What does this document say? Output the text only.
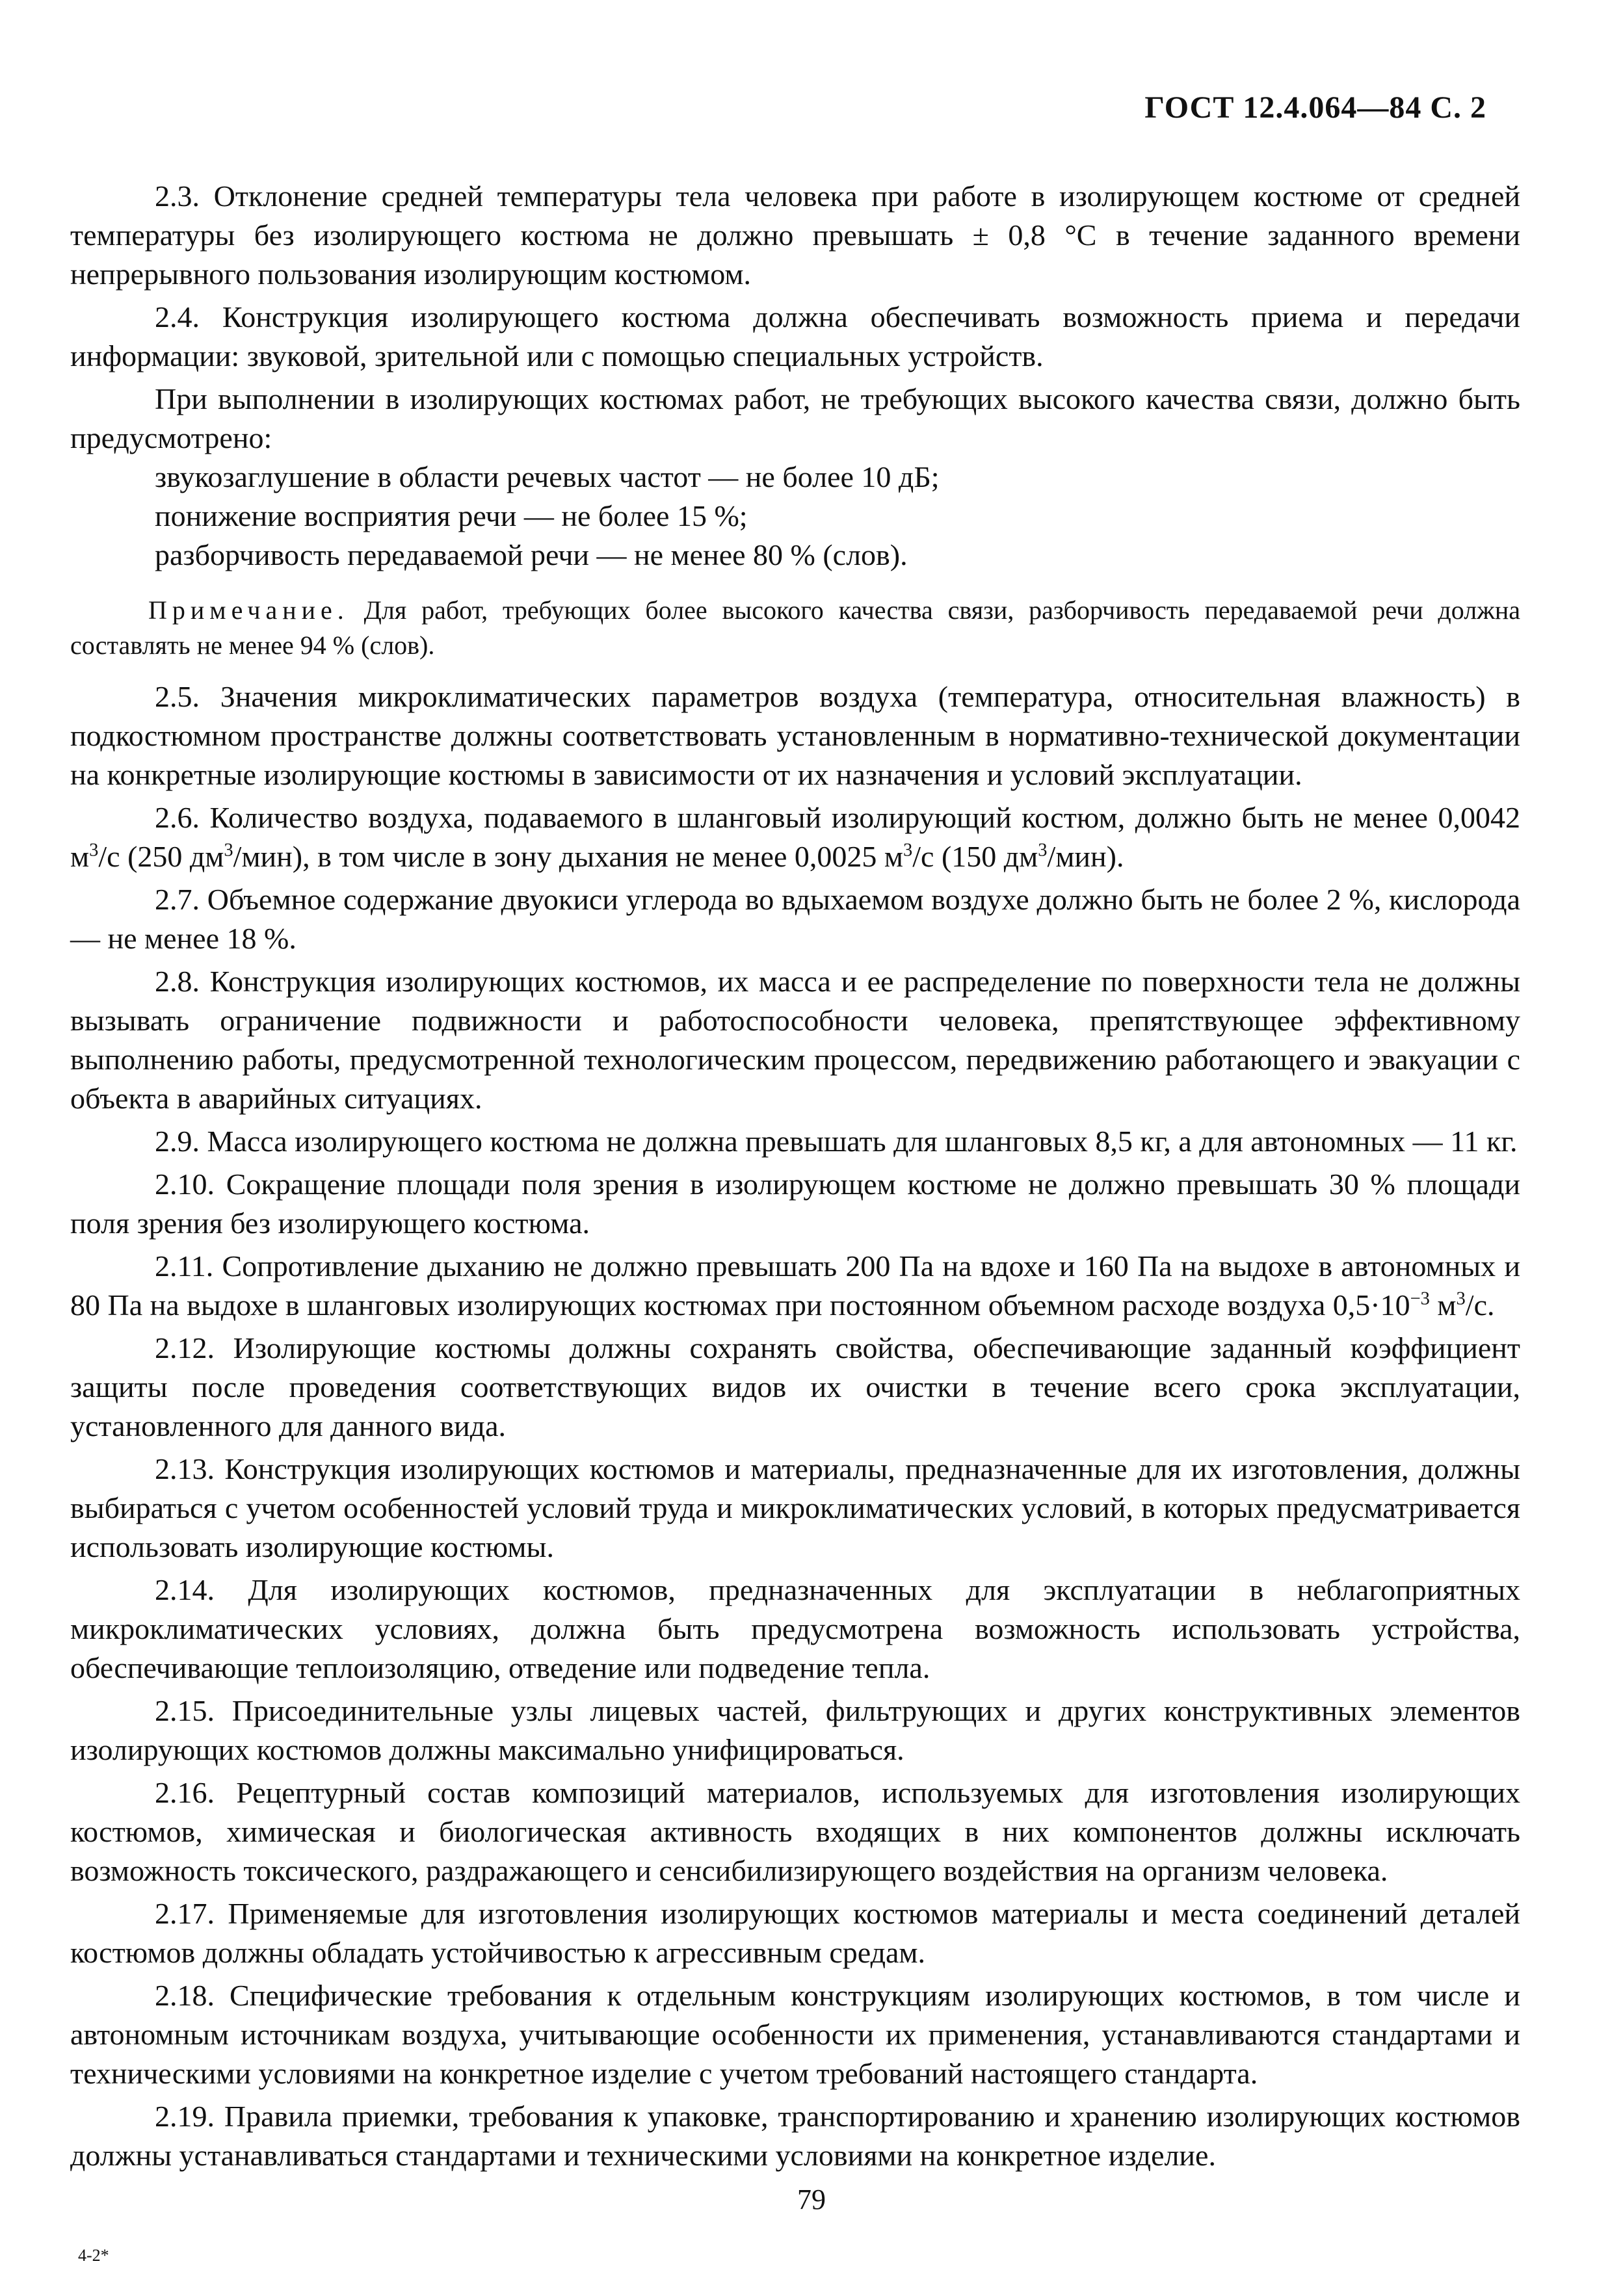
ГОСТ 12.4.064—84 С. 2

2.3. Отклонение средней температуры тела человека при работе в изолирующем костюме от средней температуры без изолирующего костюма не должно превышать ± 0,8 °С в течение заданного времени непрерывного пользования изолирующим костюмом.

2.4. Конструкция изолирующего костюма должна обеспечивать возможность приема и передачи информации: звуковой, зрительной или с помощью специальных устройств.

При выполнении в изолирующих костюмах работ, не требующих высокого качества связи, должно быть предусмотрено:

звукозаглушение в области речевых частот — не более 10 дБ;

понижение восприятия речи — не более 15 %;

разборчивость передаваемой речи — не менее 80 % (слов).

Примечание. Для работ, требующих более высокого качества связи, разборчивость передаваемой речи должна составлять не менее 94 % (слов).

2.5. Значения микроклиматических параметров воздуха (температура, относительная влажность) в подкостюмном пространстве должны соответствовать установленным в нормативно-технической документации на конкретные изолирующие костюмы в зависимости от их назначения и условий эксплуатации.

2.6. Количество воздуха, подаваемого в шланговый изолирующий костюм, должно быть не менее 0,0042 $м^3/с$ (250 $дм^3/мин$), в том числе в зону дыхания не менее 0,0025 $м^3/с$ (150 $дм^3/мин$).

2.7. Объемное содержание двуокиси углерода во вдыхаемом воздухе должно быть не более 2 %, кислорода — не менее 18 %.

2.8. Конструкция изолирующих костюмов, их масса и ее распределение по поверхности тела не должны вызывать ограничение подвижности и работоспособности человека, препятствующее эффективному выполнению работы, предусмотренной технологическим процессом, передвижению работающего и эвакуации с объекта в аварийных ситуациях.

2.9. Масса изолирующего костюма не должна превышать для шланговых 8,5 кг, а для автономных — 11 кг.

2.10. Сокращение площади поля зрения в изолирующем костюме не должно превышать 30 % площади поля зрения без изолирующего костюма.

2.11. Сопротивление дыханию не должно превышать 200 Па на вдохе и 160 Па на выдохе в автономных и 80 Па на выдохе в шланговых изолирующих костюмах при постоянном объемном расходе воздуха $0,5\cdot 10^{-3}$ $м^3/с$.

2.12. Изолирующие костюмы должны сохранять свойства, обеспечивающие заданный коэффициент защиты после проведения соответствующих видов их очистки в течение всего срока эксплуатации, установленного для данного вида.

2.13. Конструкция изолирующих костюмов и материалы, предназначенные для их изготовления, должны выбираться с учетом особенностей условий труда и микроклиматических условий, в которых предусматривается использовать изолирующие костюмы.

2.14. Для изолирующих костюмов, предназначенных для эксплуатации в неблагоприятных микроклиматических условиях, должна быть предусмотрена возможность использовать устройства, обеспечивающие теплоизоляцию, отведение или подведение тепла.

2.15. Присоединительные узлы лицевых частей, фильтрующих и других конструктивных элементов изолирующих костюмов должны максимально унифицироваться.

2.16. Рецептурный состав композиций материалов, используемых для изготовления изолирующих костюмов, химическая и биологическая активность входящих в них компонентов должны исключать возможность токсического, раздражающего и сенсибилизирующего воздействия на организм человека.

2.17. Применяемые для изготовления изолирующих костюмов материалы и места соединений деталей костюмов должны обладать устойчивостью к агрессивным средам.

2.18. Специфические требования к отдельным конструкциям изолирующих костюмов, в том числе и автономным источникам воздуха, учитывающие особенности их применения, устанавливаются стандартами и техническими условиями на конкретное изделие с учетом требований настоящего стандарта.

2.19. Правила приемки, требования к упаковке, транспортированию и хранению изолирующих костюмов должны устанавливаться стандартами и техническими условиями на конкретное изделие.

79
4-2*
